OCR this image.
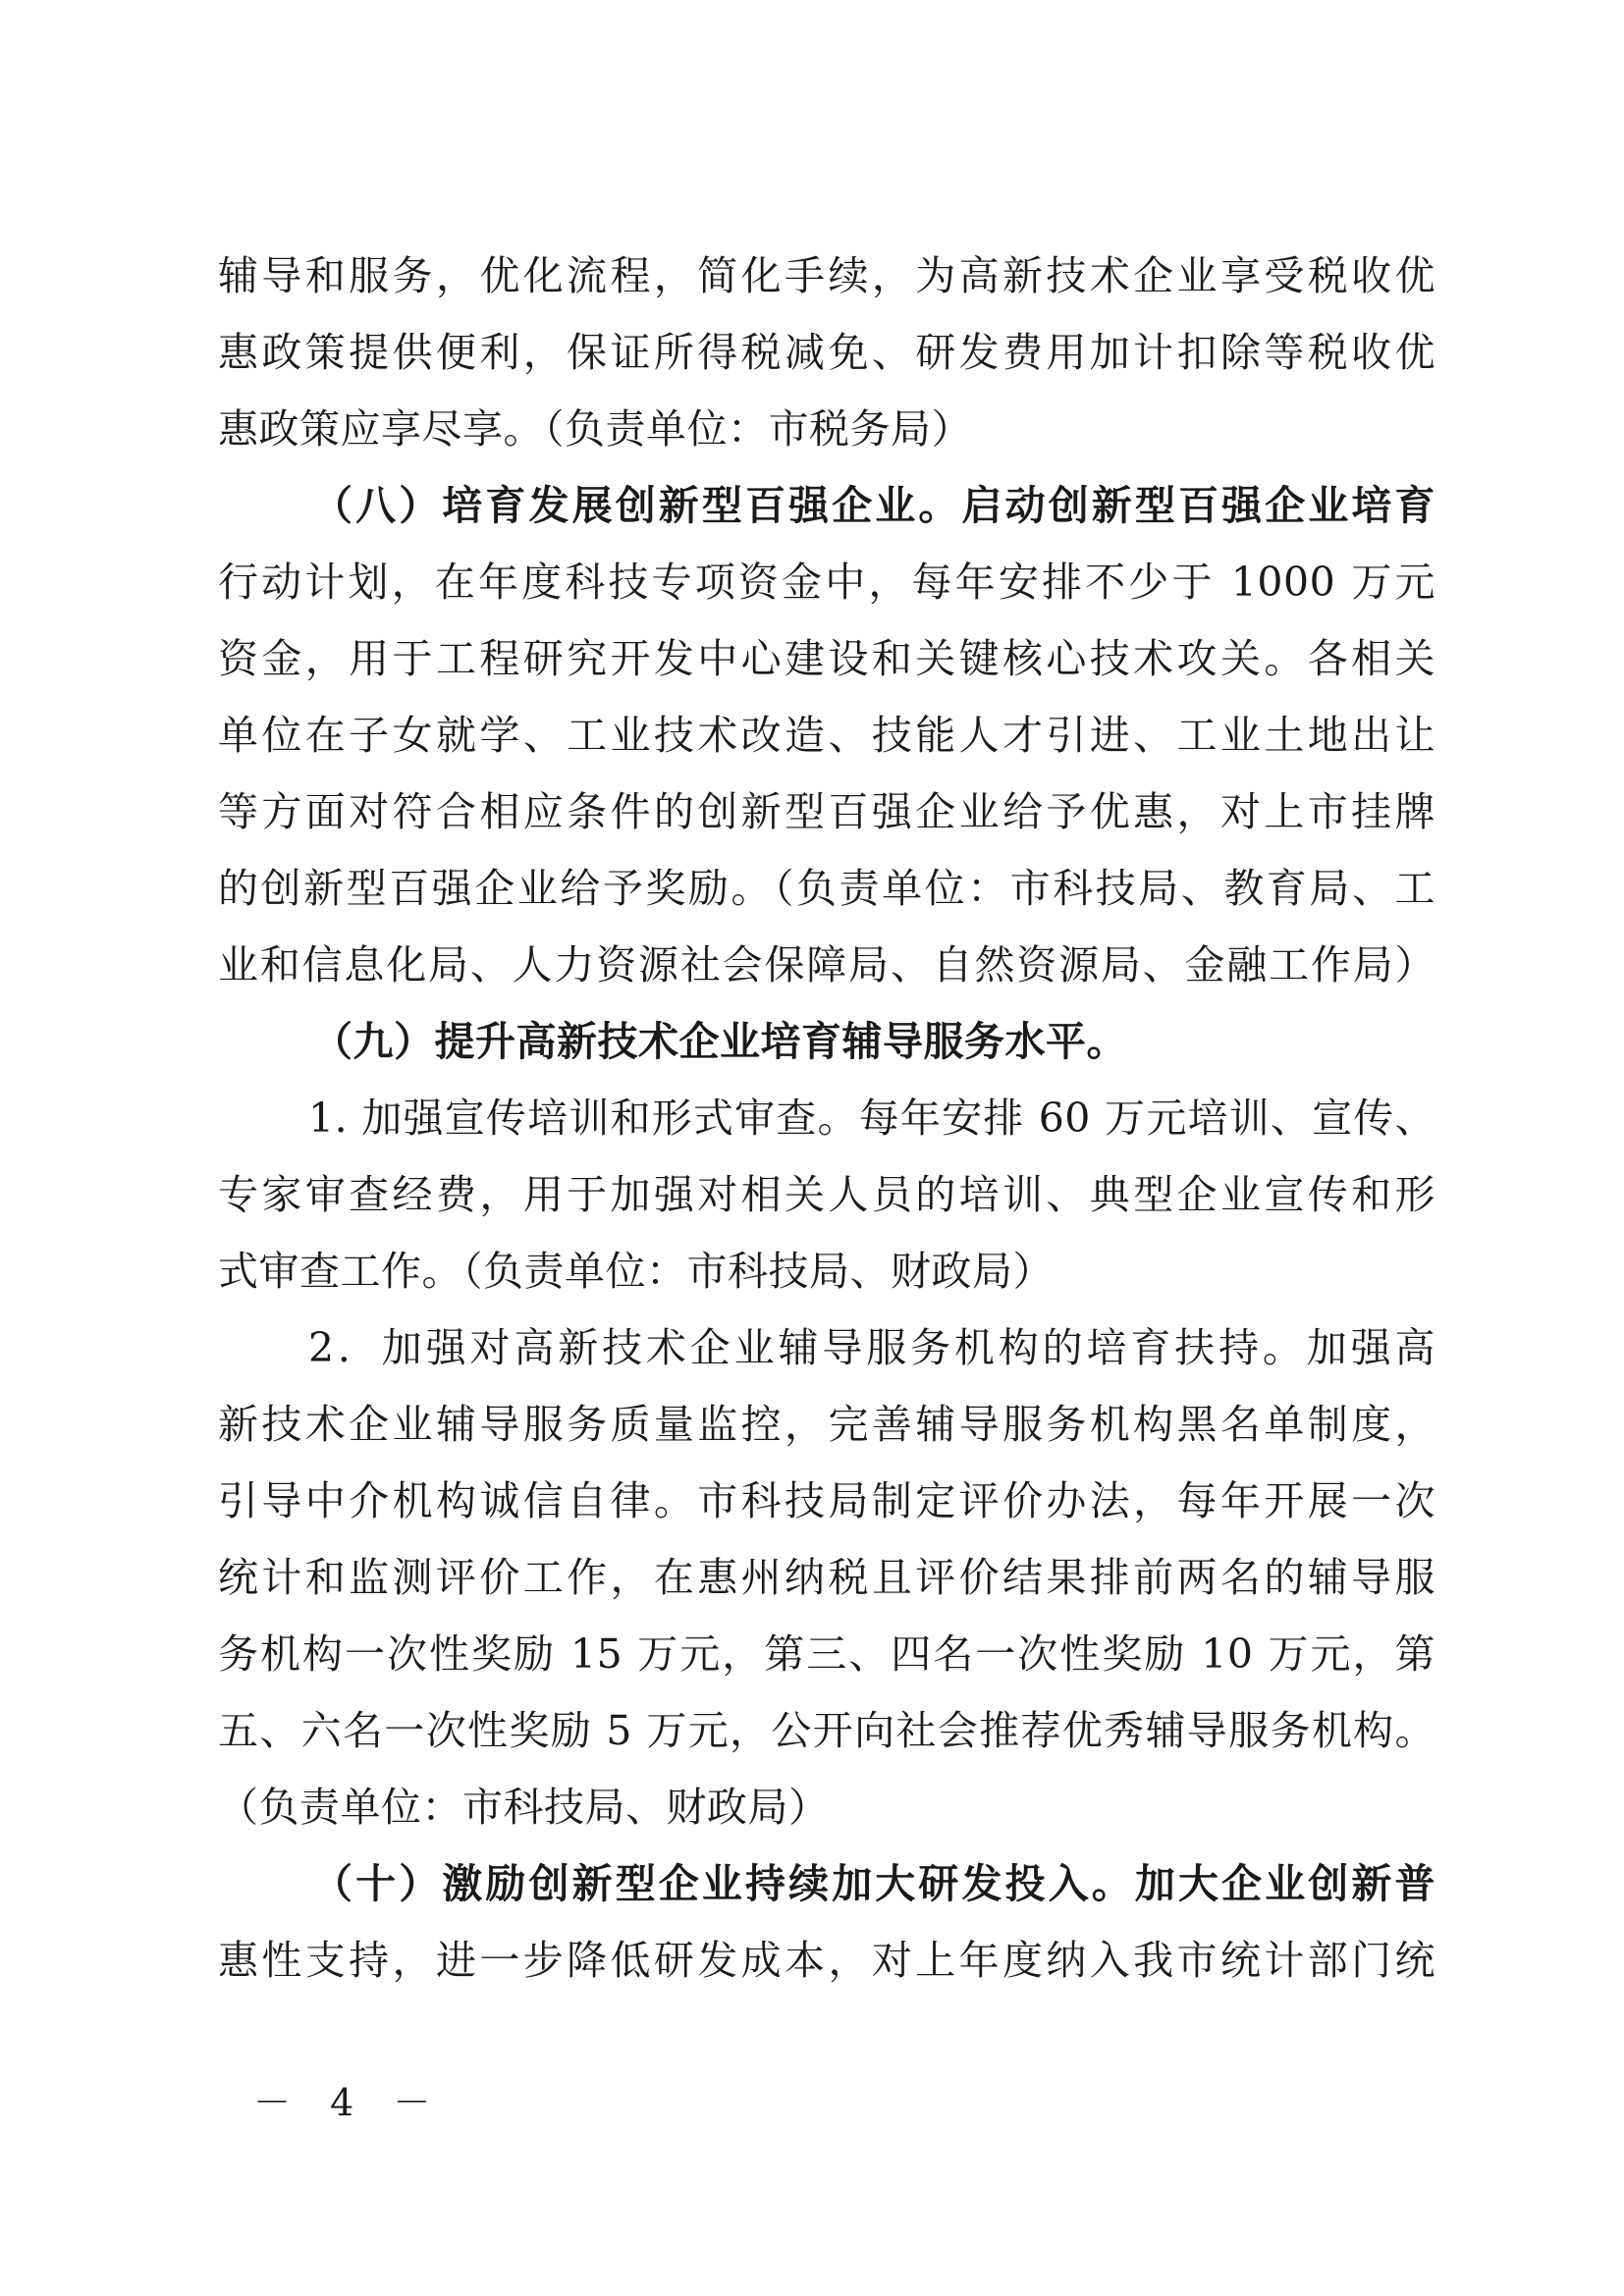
辅导和服务，优化流程，简化手续，为高新技术企业享受税收优
惠政策提供便利，保证所得税减免、研发费用加计扣除等税收优
惠政策应享尽享。（负责单位：市税务局）
（八）培育发展创新型百强企业。启动创新型百强企业培育
行动计划，在年度科技专项资金中，每年安排不少于 1000 万元
资金，用于工程研究开发中心建设和关键核心技术攻关。各相关
单位在子女就学、工业技术改造、技能人才引进、工业土地出让
等方面对符合相应条件的创新型百强企业给予优惠，对上市挂牌
的创新型百强企业给予奖励。（负责单位：市科技局、教育局、工
业和信息化局、人力资源社会保障局、自然资源局、金融工作局）
（九）提升高新技术企业培育辅导服务水平。
1. 加强宣传培训和形式审查。每年安排 60 万元培训、宣传、
专家审查经费，用于加强对相关人员的培训、典型企业宣传和形
式审查工作。（负责单位：市科技局、财政局）
2．加强对高新技术企业辅导服务机构的培育扶持。加强高
新技术企业辅导服务质量监控，完善辅导服务机构黑名单制度，
引导中介机构诚信自律。市科技局制定评价办法，每年开展一次
统计和监测评价工作，在惠州纳税且评价结果排前两名的辅导服
务机构一次性奖励 15 万元，第三、四名一次性奖励 10 万元，第
五、六名一次性奖励 5 万元，公开向社会推荐优秀辅导服务机构。
（负责单位：市科技局、财政局）
（十）激励创新型企业持续加大研发投入。加大企业创新普
惠性支持，进一步降低研发成本，对上年度纳入我市统计部门统
－ 4 －
